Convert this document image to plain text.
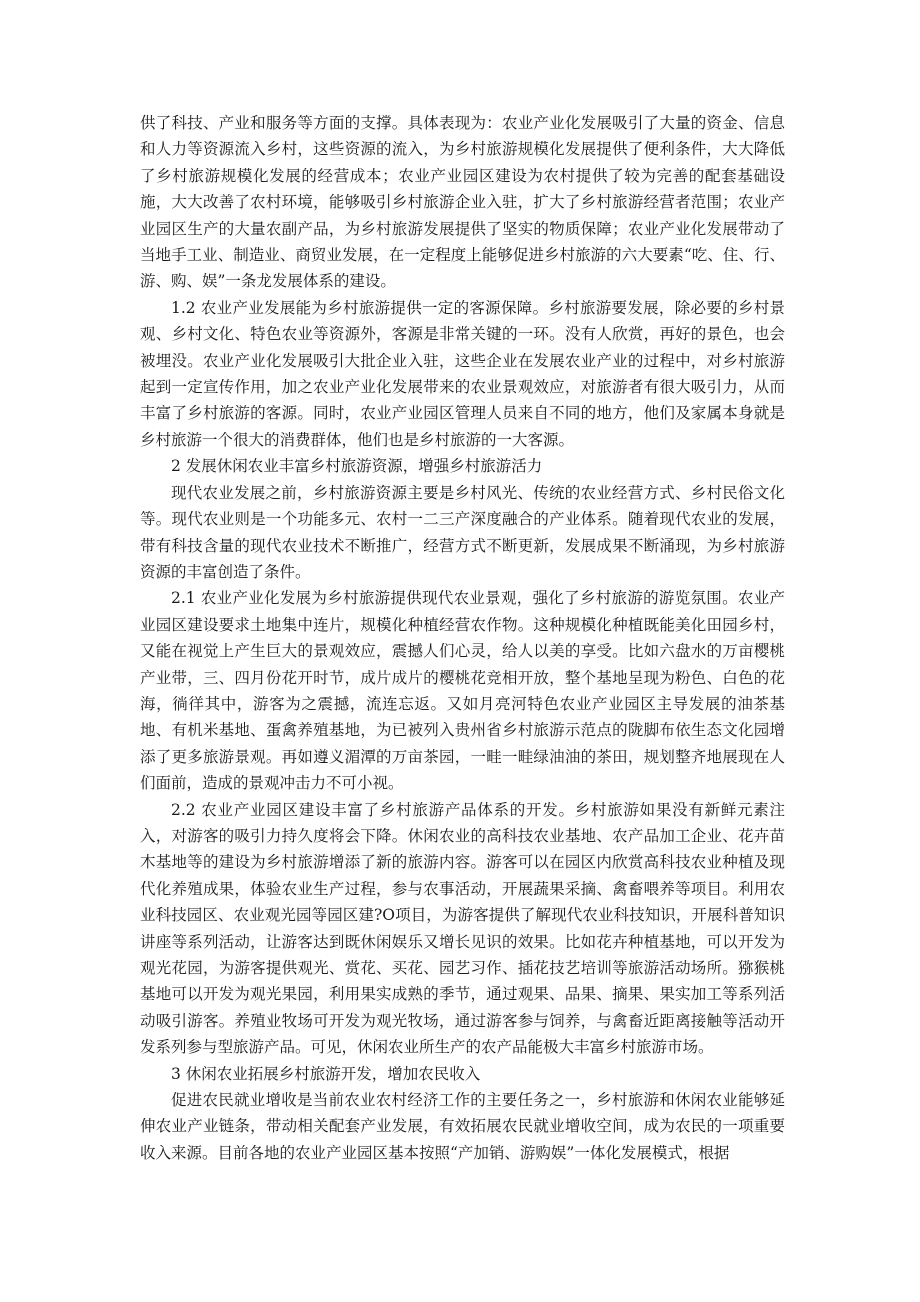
供了科技、产业和服务等方面的支撑。具体表现为：农业产业化发展吸引了大量的资金、信息和人力等资源流入乡村，这些资源的流入，为乡村旅游规模化发展提供了便利条件，大大降低了乡村旅游规模化发展的经营成本；农业产业园区建设为农村提供了较为完善的配套基础设施，大大改善了农村环境，能够吸引乡村旅游企业入驻，扩大了乡村旅游经营者范围；农业产业园区生产的大量农副产品，为乡村旅游发展提供了坚实的物质保障；农业产业化发展带动了当地手工业、制造业、商贸业发展，在一定程度上能够促进乡村旅游的六大要素“吃、住、行、游、购、娱”一条龙发展体系的建设。

1.2 农业产业发展能为乡村旅游提供一定的客源保障。乡村旅游要发展，除必要的乡村景观、乡村文化、特色农业等资源外，客源是非常关键的一环。没有人欣赏，再好的景色，也会被埋没。农业产业化发展吸引大批企业入驻，这些企业在发展农业产业的过程中，对乡村旅游起到一定宣传作用，加之农业产业化发展带来的农业景观效应，对旅游者有很大吸引力，从而丰富了乡村旅游的客源。同时，农业产业园区管理人员来自不同的地方，他们及家属本身就是乡村旅游一个很大的消费群体，他们也是乡村旅游的一大客源。

2 发展休闲农业丰富乡村旅游资源，增强乡村旅游活力

现代农业发展之前，乡村旅游资源主要是乡村风光、传统的农业经营方式、乡村民俗文化等。现代农业则是一个功能多元、农村一二三产深度融合的产业体系。随着现代农业的发展，带有科技含量的现代农业技术不断推广，经营方式不断更新，发展成果不断涌现，为乡村旅游资源的丰富创造了条件。

2.1 农业产业化发展为乡村旅游提供现代农业景观，强化了乡村旅游的游览氛围。农业产业园区建设要求土地集中连片，规模化种植经营农作物。这种规模化种植既能美化田园乡村，又能在视觉上产生巨大的景观效应，震撼人们心灵，给人以美的享受。比如六盘水的万亩樱桃产业带，三、四月份花开时节，成片成片的樱桃花竞相开放，整个基地呈现为粉色、白色的花海，徜徉其中，游客为之震撼，流连忘返。又如月亮河特色农业产业园区主导发展的油茶基地、有机米基地、蛋禽养殖基地，为已被列入贵州省乡村旅游示范点的陇脚布依生态文化园增添了更多旅游景观。再如遵义湄潭的万亩茶园，一畦一畦绿油油的茶田，规划整齐地展现在人们面前，造成的景观冲击力不可小视。

2.2 农业产业园区建设丰富了乡村旅游产品体系的开发。乡村旅游如果没有新鲜元素注入，对游客的吸引力持久度将会下降。休闲农业的高科技农业基地、农产品加工企业、花卉苗木基地等的建设为乡村旅游增添了新的旅游内容。游客可以在园区内欣赏高科技农业种植及现代化养殖成果，体验农业生产过程，参与农事活动，开展蔬果采摘、禽畜喂养等项目。利用农业科技园区、农业观光园等园区建?O项目，为游客提供了解现代农业科技知识，开展科普知识讲座等系列活动，让游客达到既休闲娱乐又增长见识的效果。比如花卉种植基地，可以开发为观光花园，为游客提供观光、赏花、买花、园艺习作、插花技艺培训等旅游活动场所。猕猴桃基地可以开发为观光果园，利用果实成熟的季节，通过观果、品果、摘果、果实加工等系列活动吸引游客。养殖业牧场可开发为观光牧场，通过游客参与饲养，与禽畜近距离接触等活动开发系列参与型旅游产品。可见，休闲农业所生产的农产品能极大丰富乡村旅游市场。

3 休闲农业拓展乡村旅游开发，增加农民收入

促进农民就业增收是当前农业农村经济工作的主要任务之一，乡村旅游和休闲农业能够延伸农业产业链条，带动相关配套产业发展，有效拓展农民就业增收空间，成为农民的一项重要收入来源。目前各地的农业产业园区基本按照“产加销、游购娱”一体化发展模式，根据
